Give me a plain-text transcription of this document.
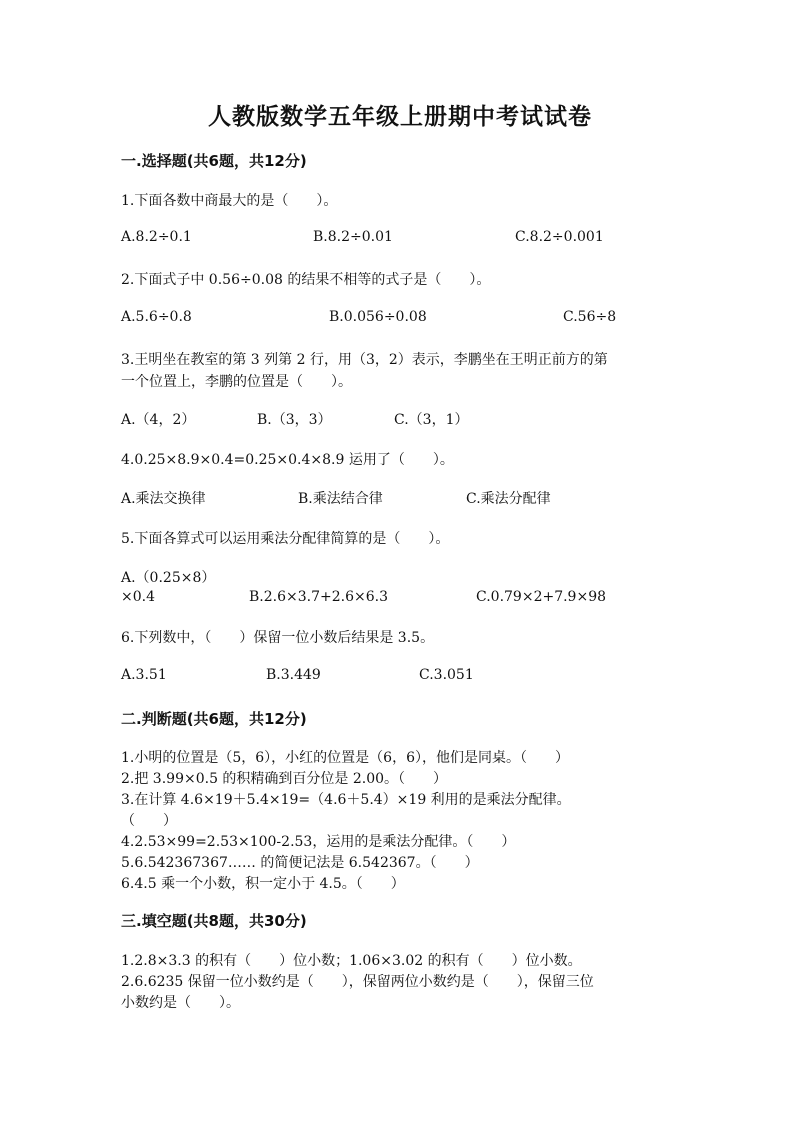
人教版数学五年级上册期中考试试卷
一.选择题(共6题，共12分)
1.下面各数中商最大的是（　　）。
A.8.2÷0.1	B.8.2÷0.01	C.8.2÷0.001
2.下面式子中 0.56÷0.08 的结果不相等的式子是（　　）。
A.5.6÷0.8	B.0.056÷0.08	C.56÷8
3.王明坐在教室的第 3 列第 2 行，用（3，2）表示，李鹏坐在王明正前方的第
一个位置上，李鹏的位置是（　　）。
A.（4，2）	B.（3，3）	C.（3，1）
4.0.25×8.9×0.4=0.25×0.4×8.9 运用了（　　）。
A.乘法交换律	B.乘法结合律	C.乘法分配律
5.下面各算式可以运用乘法分配律简算的是（　　）。
A.（0.25×8）
×0.4	B.2.6×3.7+2.6×6.3	C.0.79×2+7.9×98
6.下列数中，（　　）保留一位小数后结果是 3.5。
A.3.51	B.3.449	C.3.051
二.判断题(共6题，共12分)
1.小明的位置是（5，6），小红的位置是（6，6），他们是同桌。（　　）
2.把 3.99×0.5 的积精确到百分位是 2.00。（　　）
3.在计算 4.6×19＋5.4×19=（4.6＋5.4）×19 利用的是乘法分配律。
（　　）
4.2.53×99=2.53×100-2.53，运用的是乘法分配律。（　　）
5.6.542367367…… 的简便记法是 6.542367。（　　）
6.4.5 乘一个小数，积一定小于 4.5。（　　）
三.填空题(共8题，共30分)
1.2.8×3.3 的积有（　　）位小数；1.06×3.02 的积有（　　）位小数。
2.6.6235 保留一位小数约是（　　），保留两位小数约是（　　），保留三位
小数约是（　　）。
